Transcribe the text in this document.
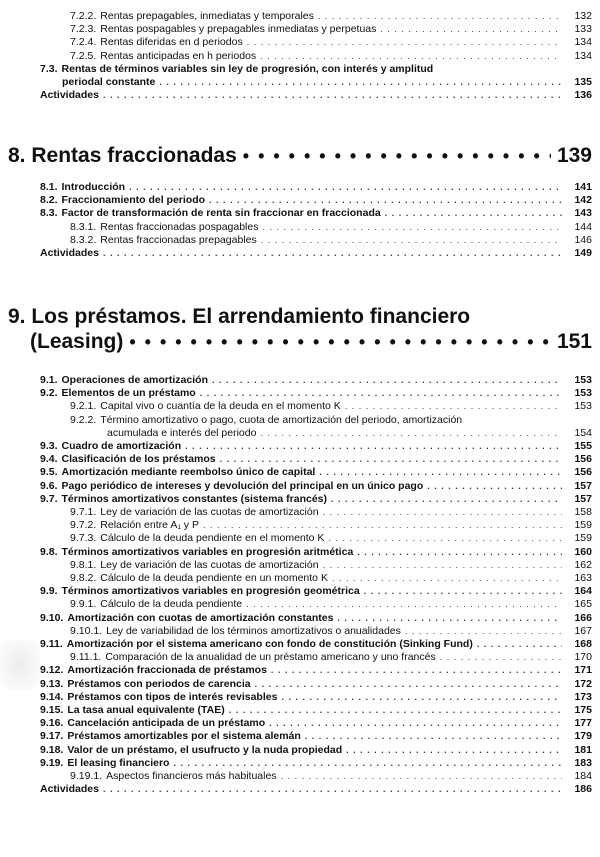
7.2.2. Rentas prepagables, inmediatas y temporales . . .	132
7.2.3. Rentas pospagables y prepagables inmediatas y perpetuas . . .	133
7.2.4. Rentas diferidas en d periodos . . .	134
7.2.5. Rentas anticipadas en h periodos . . .	134
7.3. Rentas de términos variables sin ley de progresión, con interés y amplitud
periodal constante . . .	135
Actividades . . .	136
8. Rentas fraccionadas • • •	139
8.1. Introducción . . .	141
8.2. Fraccionamiento del periodo . . .	142
8.3. Factor de transformación de renta sin fraccionar en fraccionada . . .	143
8.3.1. Rentas fraccionadas pospagables . . .	144
8.3.2. Rentas fraccionadas prepagables . . .	146
Actividades . . .	149
9. Los préstamos. El arrendamiento financiero
(Leasing) • • •	151
9.1. Operaciones de amortización . . .	153
9.2. Elementos de un préstamo . . .	153
9.2.1. Capital vivo o cuantía de la deuda en el momento K . . .	153
9.2.2. Término amortizativo o pago, cuota de amortización del periodo, amortización
acumulada e interés del periodo . . .	154
9.3. Cuadro de amortización . . .	155
9.4. Clasificación de los préstamos . . .	156
9.5. Amortización mediante reembolso único de capital . . .	156
9.6. Pago periódico de intereses y devolución del principal en un único pago . . .	157
9.7. Términos amortizativos constantes (sistema francés) . . .	157
9.7.1. Ley de variación de las cuotas de amortización . . .	158
9.7.2. Relación entre A₁ y P . . .	159
9.7.3. Cálculo de la deuda pendiente en el momento K . . .	159
9.8. Términos amortizativos variables en progresión aritmética . . .	160
9.8.1. Ley de variación de las cuotas de amortización . . .	162
9.8.2. Cálculo de la deuda pendiente en un momento K . . .	163
9.9. Términos amortizativos variables en progresión geométrica . . .	164
9.9.1. Cálculo de la deuda pendiente . . .	165
9.10. Amortización con cuotas de amortización constantes . . .	166
9.10.1. Ley de variabilidad de los términos amortizativos o anualidades . . .	167
9.11. Amortización por el sistema americano con fondo de constitución (Sinking Fund) . . .	168
9.11.1. Comparación de la anualidad de un préstamo americano y uno francés . . .	170
9.12. Amortización fraccionada de préstamos . . .	171
9.13. Préstamos con periodos de carencia . . .	172
9.14. Préstamos con tipos de interés revisables . . .	173
9.15. La tasa anual equivalente (TAE) . . .	175
9.16. Cancelación anticipada de un préstamo . . .	177
9.17. Préstamos amortizables por el sistema alemán . . .	179
9.18. Valor de un préstamo, el usufructo y la nuda propiedad . . .	181
9.19. El leasing financiero . . .	183
9.19.1. Aspectos financieros más habituales . . .	184
Actividades . . .	186
